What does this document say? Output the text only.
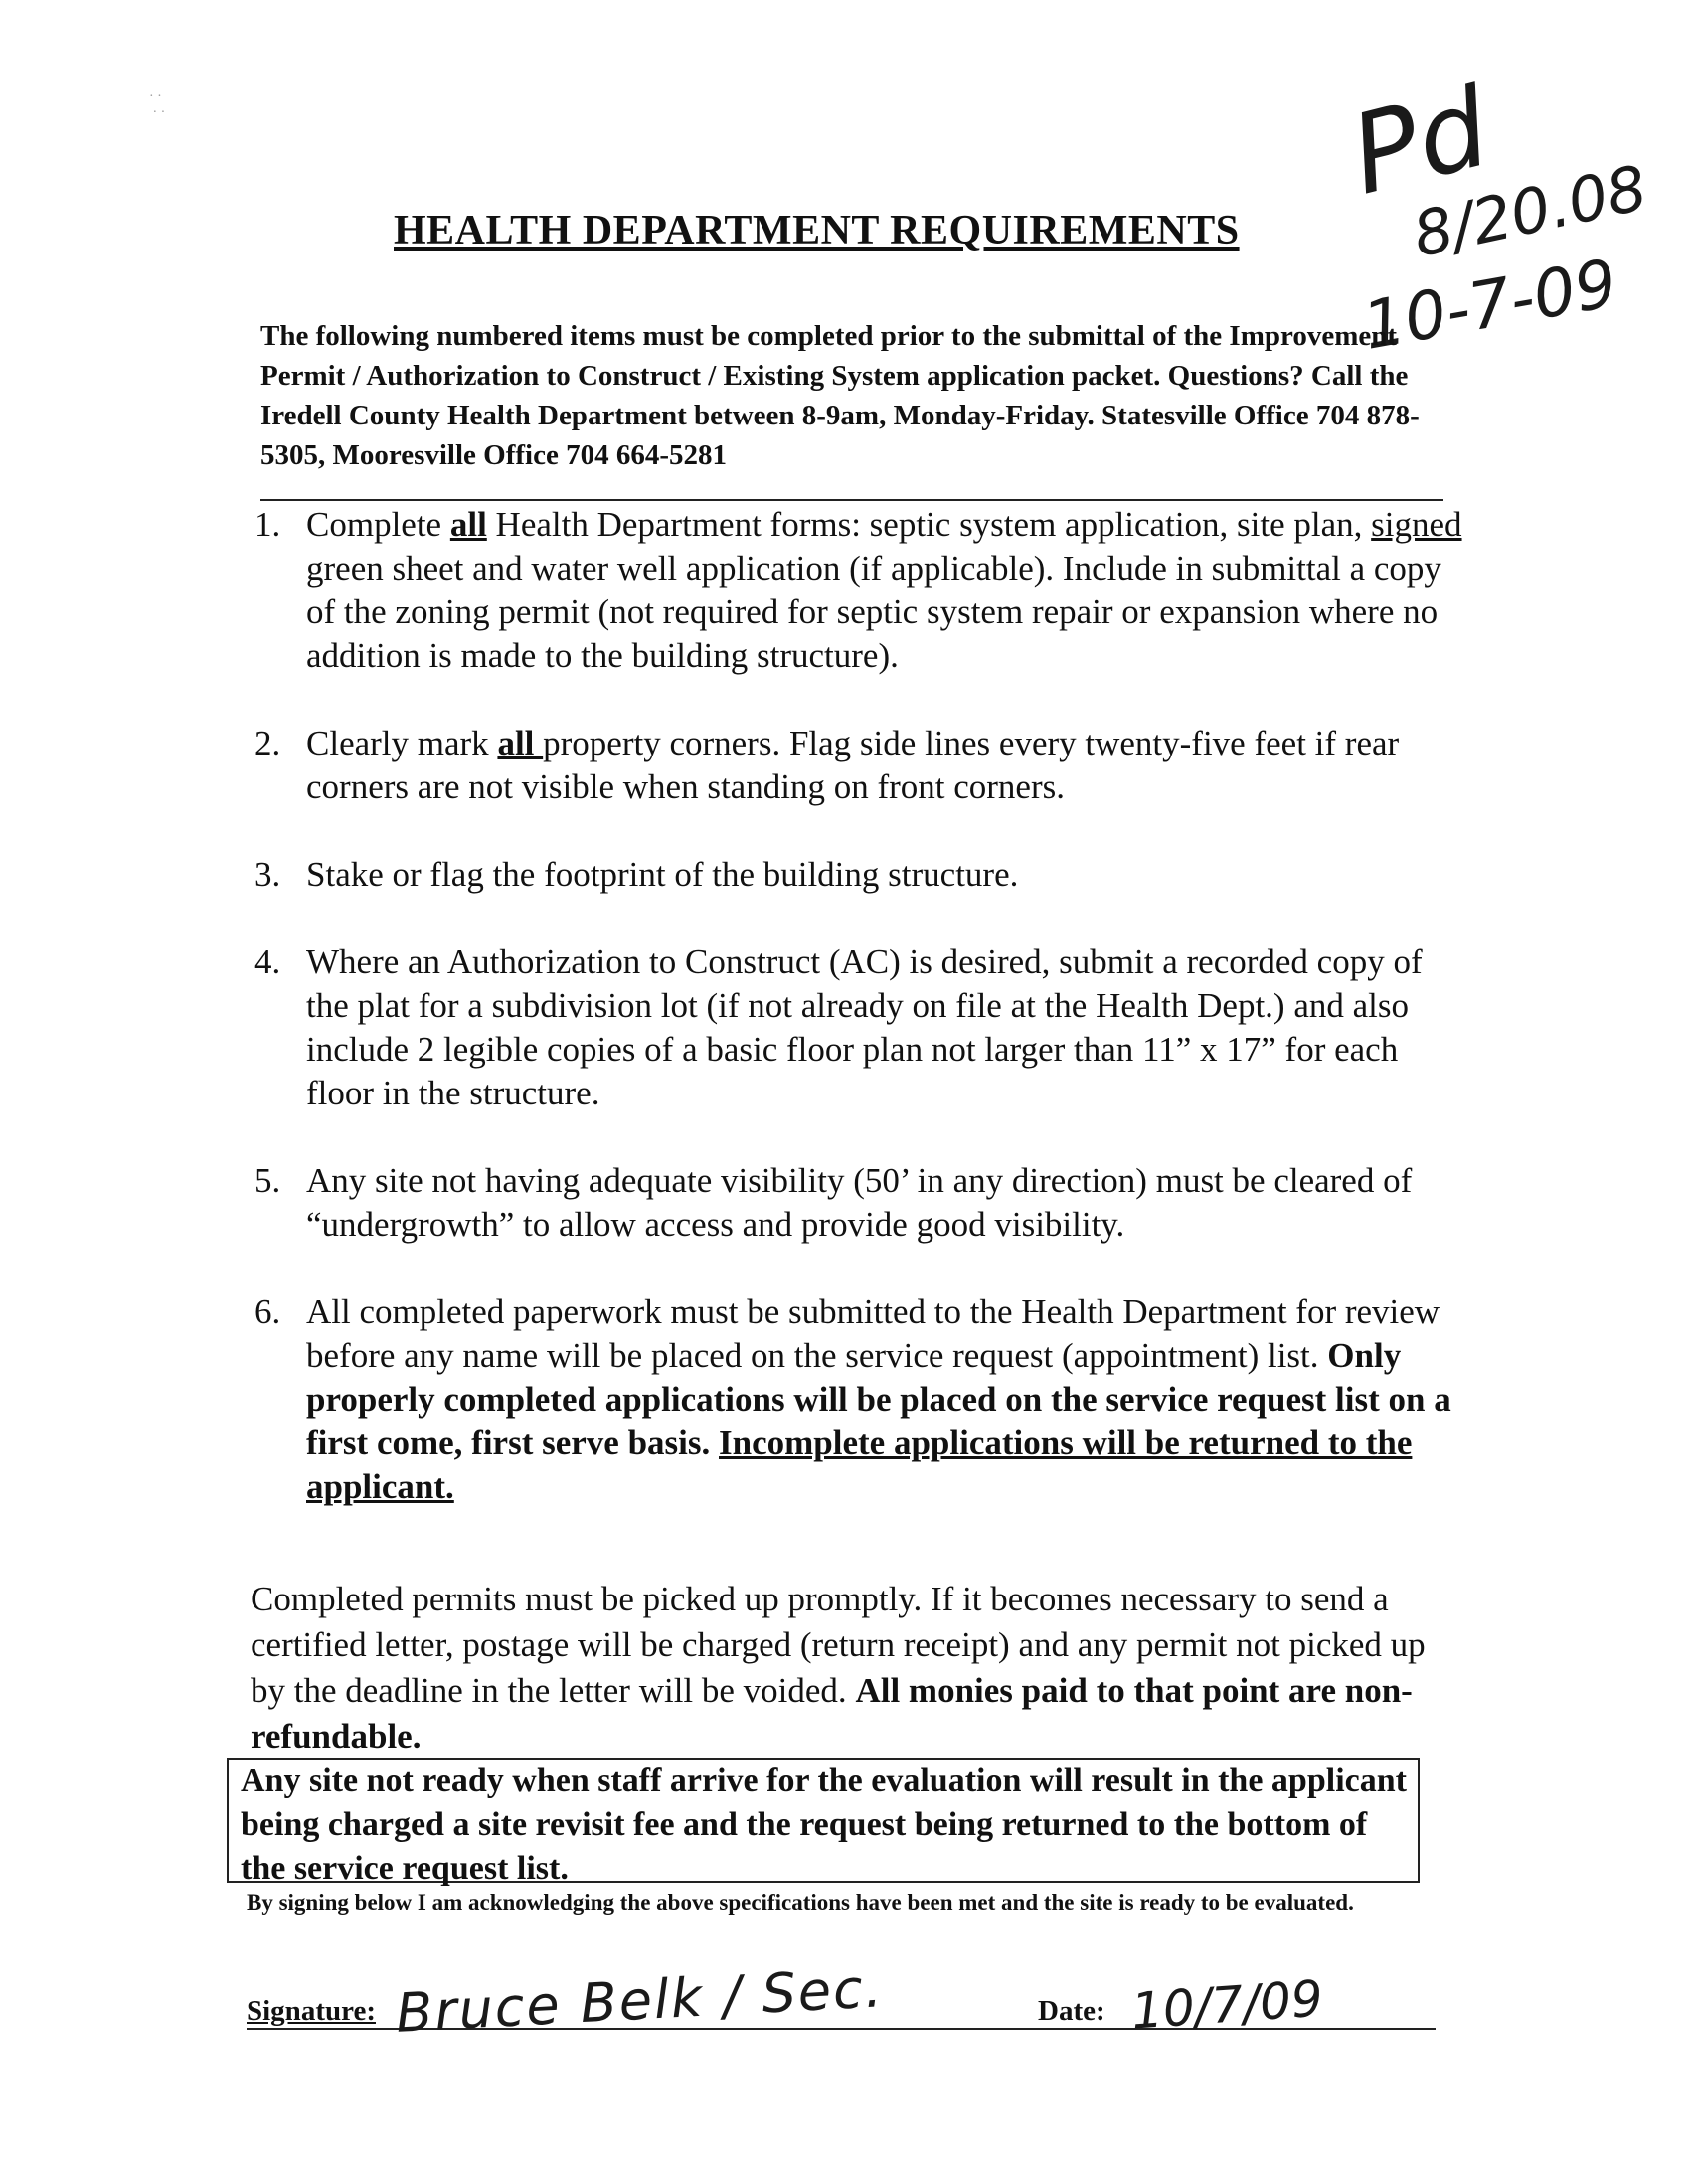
· ·
· ·	Pd
8/20.08
10-7-09
HEALTH DEPARTMENT REQUIREMENTS
The following numbered items must be completed prior to the submittal of the Improvement Permit / Authorization to Construct / Existing System application packet. Questions? Call the Iredell County Health Department between 8-9am, Monday-Friday. Statesville Office 704 878-5305, Mooresville Office 704 664-5281
1. Complete all Health Department forms: septic system application, site plan, signed green sheet and water well application (if applicable). Include in submittal a copy of the zoning permit (not required for septic system repair or expansion where no addition is made to the building structure).
2. Clearly mark all property corners. Flag side lines every twenty-five feet if rear corners are not visible when standing on front corners.
3. Stake or flag the footprint of the building structure.
4. Where an Authorization to Construct (AC) is desired, submit a recorded copy of the plat for a subdivision lot (if not already on file at the Health Dept.) and also include 2 legible copies of a basic floor plan not larger than 11” x 17” for each floor in the structure.
5. Any site not having adequate visibility (50’ in any direction) must be cleared of “undergrowth” to allow access and provide good visibility.
6. All completed paperwork must be submitted to the Health Department for review before any name will be placed on the service request (appointment) list. Only properly completed applications will be placed on the service request list on a first come, first serve basis. Incomplete applications will be returned to the applicant.
Completed permits must be picked up promptly. If it becomes necessary to send a certified letter, postage will be charged (return receipt) and any permit not picked up by the deadline in the letter will be voided. All monies paid to that point are non-refundable.
Any site not ready when staff arrive for the evaluation will result in the applicant being charged a site revisit fee and the request being returned to the bottom of the service request list.
By signing below I am acknowledging the above specifications have been met and the site is ready to be evaluated.
Signature: Bruce Belk / Sec.	Date: 10/7/09
